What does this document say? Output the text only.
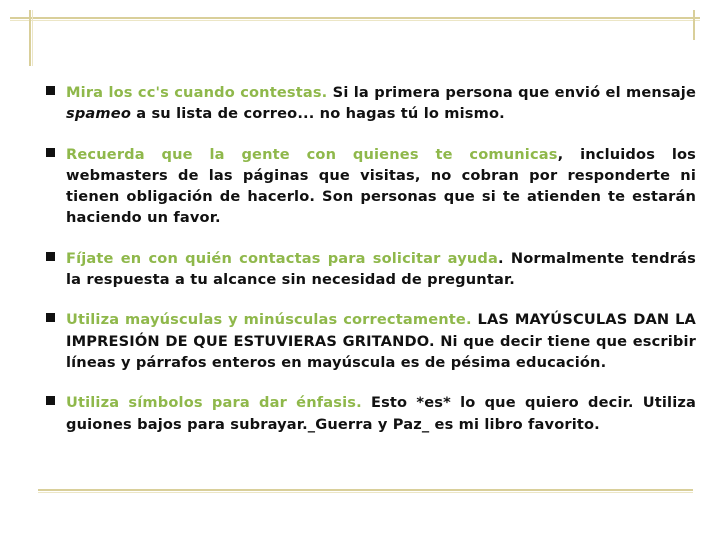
Mira los cc's cuando contestas. Si la primera persona que envió el mensaje spameo a su lista de correo... no hagas tú lo mismo.
Recuerda que la gente con quienes te comunicas, incluidos los webmasters de las páginas que visitas, no cobran por responderte ni tienen obligación de hacerlo. Son personas que si te atienden te estarán haciendo un favor.
Fíjate en con quién contactas para solicitar ayuda. Normalmente tendrás la respuesta a tu alcance sin necesidad de preguntar.
Utiliza mayúsculas y minúsculas correctamente. LAS MAYÚSCULAS DAN LA IMPRESIÓN DE QUE ESTUVIERAS GRITANDO. Ni que decir tiene que escribir líneas y párrafos enteros en mayúscula es de pésima educación.
Utiliza símbolos para dar énfasis. Esto *es* lo que quiero decir. Utiliza guiones bajos para subrayar._Guerra y Paz_ es mi libro favorito.
